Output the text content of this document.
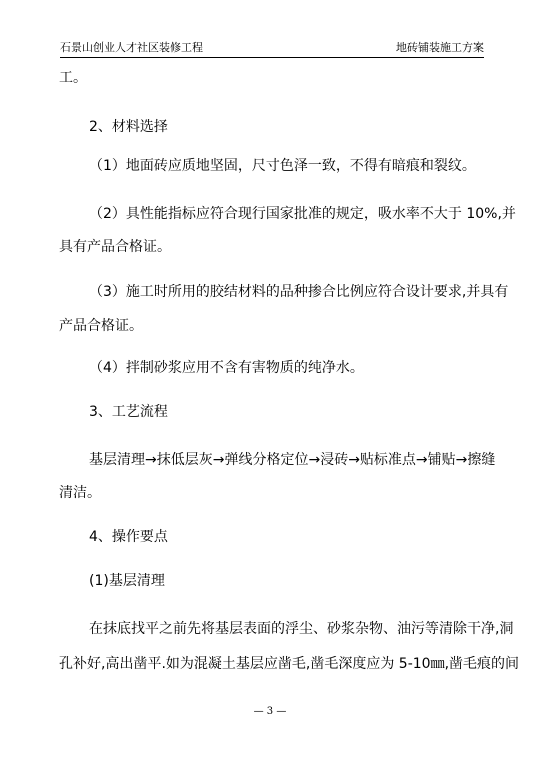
石景山创业人才社区装修工程	地砖铺装施工方案
工。
2、材料选择
（1）地面砖应质地坚固，尺寸色泽一致，不得有暗痕和裂纹。
（2）具性能指标应符合现行国家批准的规定，吸水率不大于 10%,并
具有产品合格证。
（3）施工时所用的胶结材料的品种掺合比例应符合设计要求,并具有
产品合格证。
（4）拌制砂浆应用不含有害物质的纯净水。
3、工艺流程
基层清理→抹低层灰→弹线分格定位→浸砖→贴标准点→铺贴→擦缝
清洁。
4、操作要点
(1)基层清理
在抹底找平之前先将基层表面的浮尘、砂浆杂物、油污等清除干净,洞
孔补好,高出凿平.如为混凝土基层应凿毛,凿毛深度应为 5-10㎜,凿毛痕的间
— 3 —
